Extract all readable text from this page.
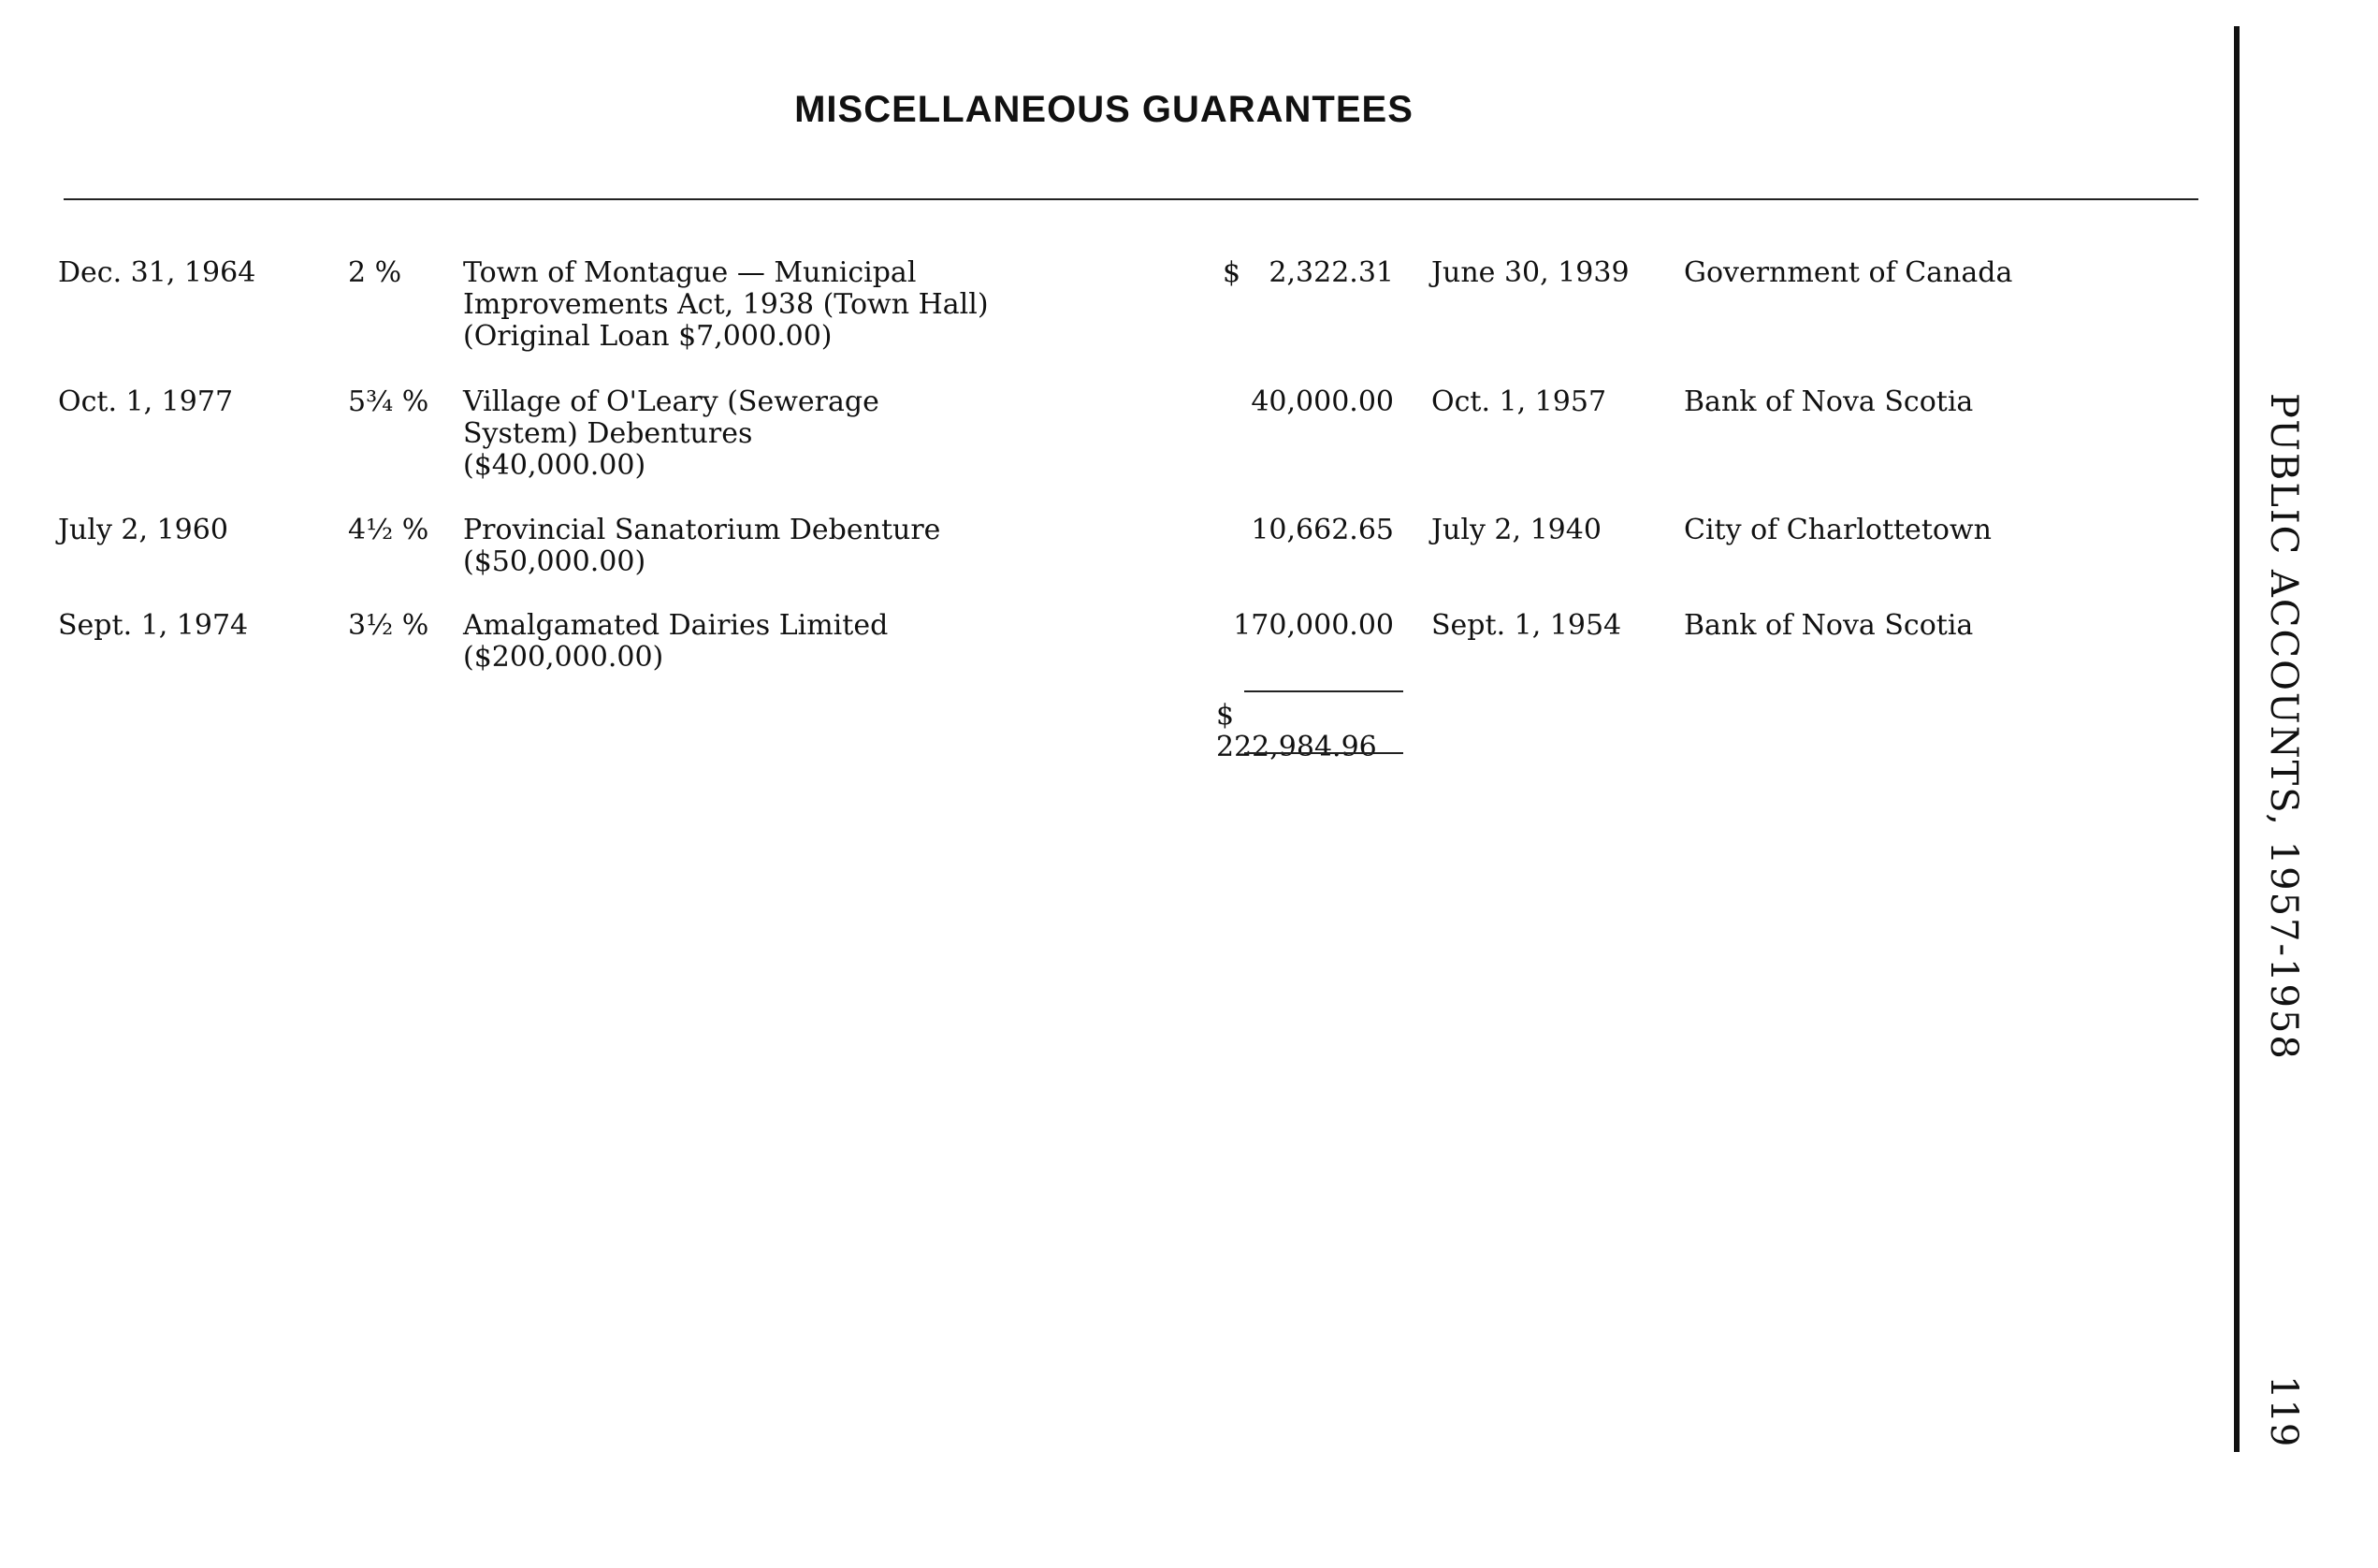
MISCELLANEOUS GUARANTEES
Dec. 31, 1964	2 %	Town of Montague — Municipal
Improvements Act, 1938 (Town Hall)
(Original Loan $7,000.00)
$	2,322.31 June 30, 1939	Government of Canada
Oct. 1, 1977	5¾ %	Village of O'Leary (Sewerage
System) Debentures
($40,000.00)
40,000.00 Oct. 1, 1957	Bank of Nova Scotia
July 2, 1960	4½ %	Provincial Sanatorium Debenture
($50,000.00)
10,662.65 July 2, 1940	City of Charlottetown
Sept. 1, 1974	3½ %	Amalgamated Dairies Limited
($200,000.00)
170,000.00 Sept. 1, 1954	Bank of Nova Scotia
$ 222,984.96	PUBLIC ACCOUNTS, 1957-1958
119
